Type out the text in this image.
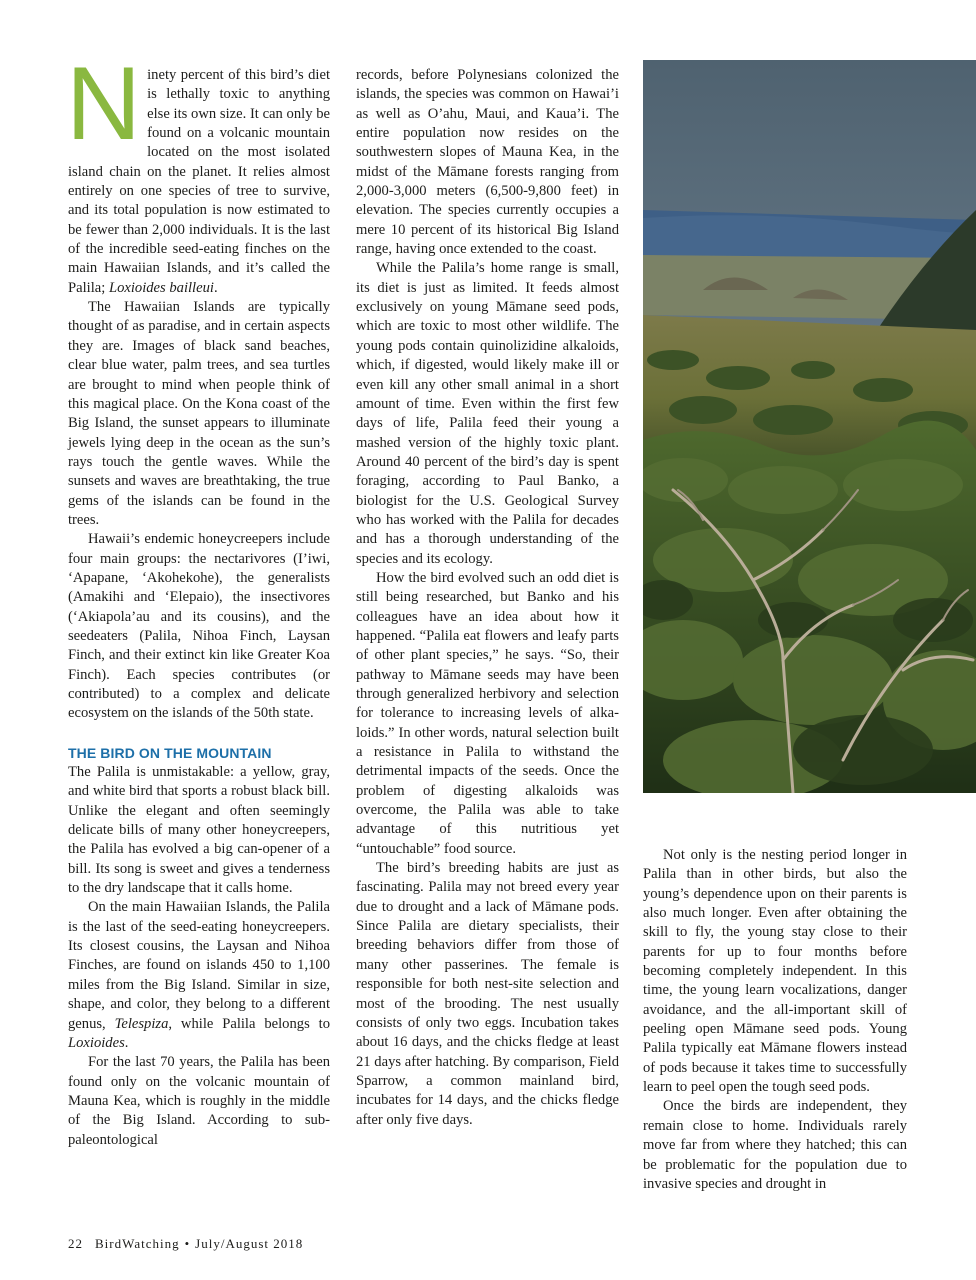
Ninety percent of this bird’s diet is lethally toxic to anything else its own size. It can only be found on a volcanic mountain located on the most isolated island chain on the planet. It relies almost entirely on one species of tree to survive, and its total population is now estimated to be fewer than 2,000 individuals. It is the last of the incredible seed-eating finches on the main Hawaiian Islands, and it’s called the Palila; Loxioides bailleui.

The Hawaiian Islands are typically thought of as paradise, and in certain aspects they are. Images of black sand beaches, clear blue water, palm trees, and sea turtles are brought to mind when people think of this magical place. On the Kona coast of the Big Island, the sunset appears to illuminate jewels lying deep in the ocean as the sun’s rays touch the gentle waves. While the sunsets and waves are breathtaking, the true gems of the islands can be found in the trees.

Hawaii’s endemic honeycreepers include four main groups: the nectarivores (I’iwi, ‘Apapane, ‘Akohekohe), the generalists (Amakihi and ‘Elepaio), the insectivores (‘Akiapola’au and its cousins), and the seedeaters (Palila, Nihoa Finch, Laysan Finch, and their extinct kin like Greater Koa Finch). Each species contributes (or contributed) to a complex and delicate ecosystem on the islands of the 50th state.

THE BIRD ON THE MOUNTAIN

The Palila is unmistakable: a yellow, gray, and white bird that sports a robust black bill. Unlike the elegant and often seemingly delicate bills of many other honeycreepers, the Palila has evolved a big can-opener of a bill. Its song is sweet and gives a tenderness to the dry landscape that it calls home.

On the main Hawaiian Islands, the Palila is the last of the seed-eating honeycreepers. Its closest cousins, the Laysan and Nihoa Finches, are found on islands 450 to 1,100 miles from the Big Island. Similar in size, shape, and color, they belong to a different genus, Telespiza, while Palila belongs to Loxioides.

For the last 70 years, the Palila has been found only on the volcanic mountain of Mauna Kea, which is roughly in the middle of the Big Island. According to sub-paleontological

records, before Polynesians colonized the islands, the species was common on Hawai’i as well as O’ahu, Maui, and Kaua’i. The entire population now resides on the southwestern slopes of Mauna Kea, in the midst of the Māmane forests ranging from 2,000-3,000 meters (6,500-9,800 feet) in elevation. The species currently occupies a mere 10 percent of its historical Big Island range, having once extended to the coast.

While the Palila’s home range is small, its diet is just as limited. It feeds almost exclusively on young Māmane seed pods, which are toxic to most other wildlife. The young pods contain quinolizidine alkaloids, which, if digested, would likely make ill or even kill any other small animal in a short amount of time. Even within the first few days of life, Palila feed their young a mashed version of the highly toxic plant. Around 40 percent of the bird’s day is spent foraging, according to Paul Banko, a biologist for the U.S. Geological Survey who has worked with the Palila for decades and has a thorough understanding of the species and its ecology.

How the bird evolved such an odd diet is still being researched, but Banko and his colleagues have an idea about how it happened. “Palila eat flowers and leafy parts of other plant species,” he says. “So, their pathway to Māmane seeds may have been through generalized herbivory and selection for tolerance to increasing levels of alkaloids.” In other words, natural selection built a resistance in Palila to withstand the detrimental impacts of the seeds. Once the problem of digesting alkaloids was overcome, the Palila was able to take advantage of this nutritious yet “untouchable” food source.

The bird’s breeding habits are just as fascinating. Palila may not breed every year due to drought and a lack of Māmane pods. Since Palila are dietary specialists, their breeding behaviors differ from those of many other passerines. The female is responsible for both nest-site selection and most of the brooding. The nest usually consists of only two eggs. Incubation takes about 16 days, and the chicks fledge at least 21 days after hatching. By comparison, Field Sparrow, a common mainland bird, incubates for 14 days, and the chicks fledge after only five days.

Not only is the nesting period longer in Palila than in other birds, but also the young’s dependence upon on their parents is also much longer. Even after obtaining the skill to fly, the young stay close to their parents for up to four months before becoming completely independent. In this time, the young learn vocalizations, danger avoidance, and the all-important skill of peeling open Māmane seed pods. Young Palila typically eat Māmane flowers instead of pods because it takes time to successfully learn to peel open the tough seed pods.

Once the birds are independent, they remain close to home. Individuals rarely move far from where they hatched; this can be problematic for the population due to invasive species and drought in

22 BirdWatching • July/August 2018
